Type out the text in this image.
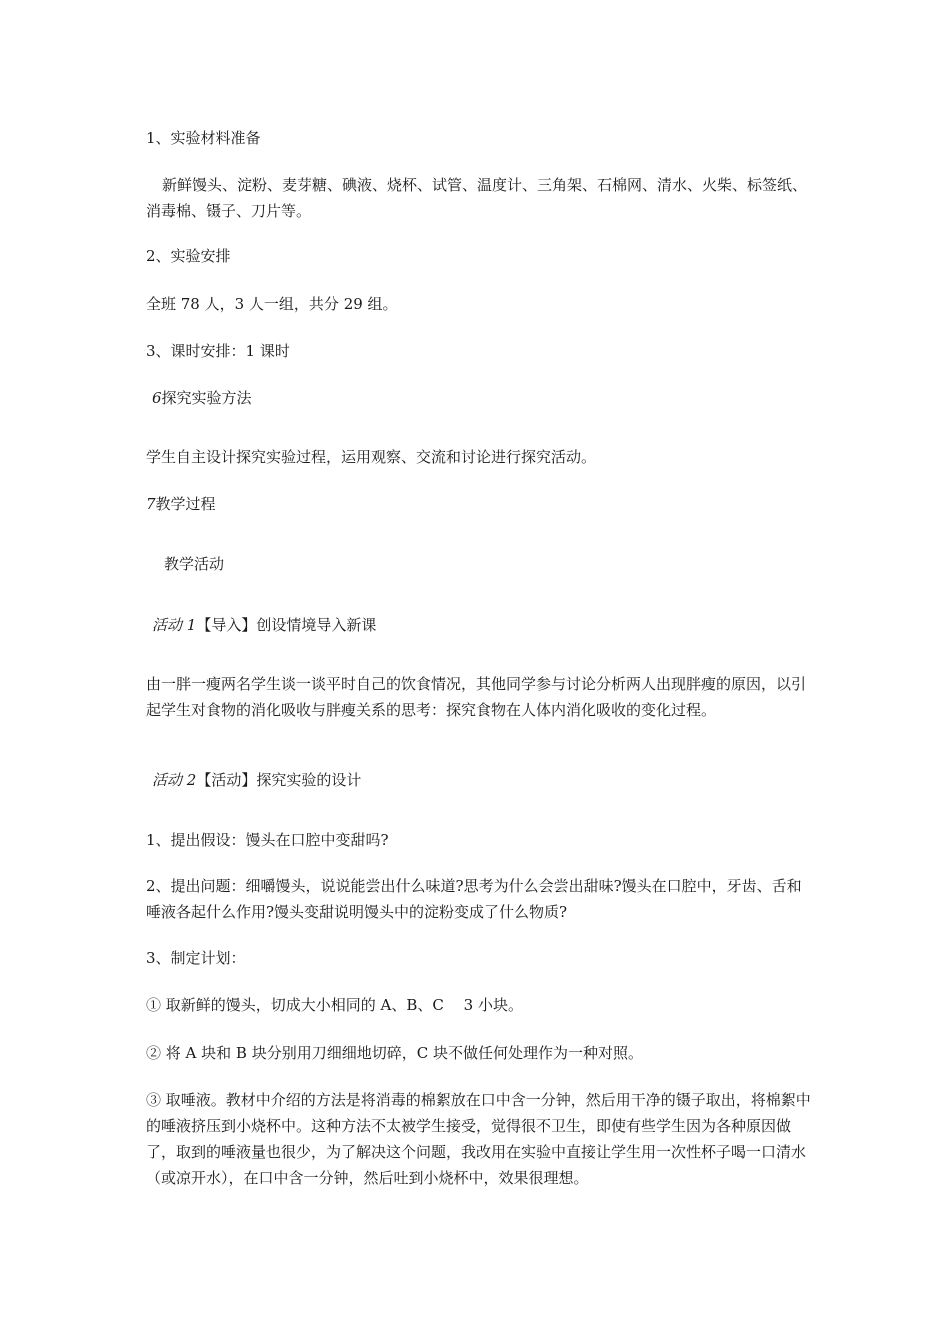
1、实验材料准备
新鲜馒头、淀粉、麦芽糖、碘液、烧杯、试管、温度计、三角架、石棉网、清水、火柴、标签纸、消毒棉、镊子、刀片等。
2、实验安排
全班 78 人，3 人一组，共分 29 组。
3、课时安排：1 课时
6探究实验方法
学生自主设计探究实验过程，运用观察、交流和讨论进行探究活动。
7教学过程
教学活动
活动 1【导入】创设情境导入新课
由一胖一瘦两名学生谈一谈平时自己的饮食情况，其他同学参与讨论分析两人出现胖瘦的原因，以引起学生对食物的消化吸收与胖瘦关系的思考：探究食物在人体内消化吸收的变化过程。
活动 2【活动】探究实验的设计
1、提出假设：馒头在口腔中变甜吗?
2、提出问题：细嚼馒头，说说能尝出什么味道?思考为什么会尝出甜味?馒头在口腔中，牙齿、舌和唾液各起什么作用?馒头变甜说明馒头中的淀粉变成了什么物质?
3、制定计划：
① 取新鲜的馒头，切成大小相同的 A、B、C　 3 小块。
② 将 A 块和 B 块分别用刀细细地切碎，C 块不做任何处理作为一种对照。
③ 取唾液。教材中介绍的方法是将消毒的棉絮放在口中含一分钟，然后用干净的镊子取出，将棉絮中的唾液挤压到小烧杯中。这种方法不太被学生接受，觉得很不卫生，即使有些学生因为各种原因做了，取到的唾液量也很少，为了解决这个问题，我改用在实验中直接让学生用一次性杯子喝一口清水（或凉开水），在口中含一分钟，然后吐到小烧杯中，效果很理想。
